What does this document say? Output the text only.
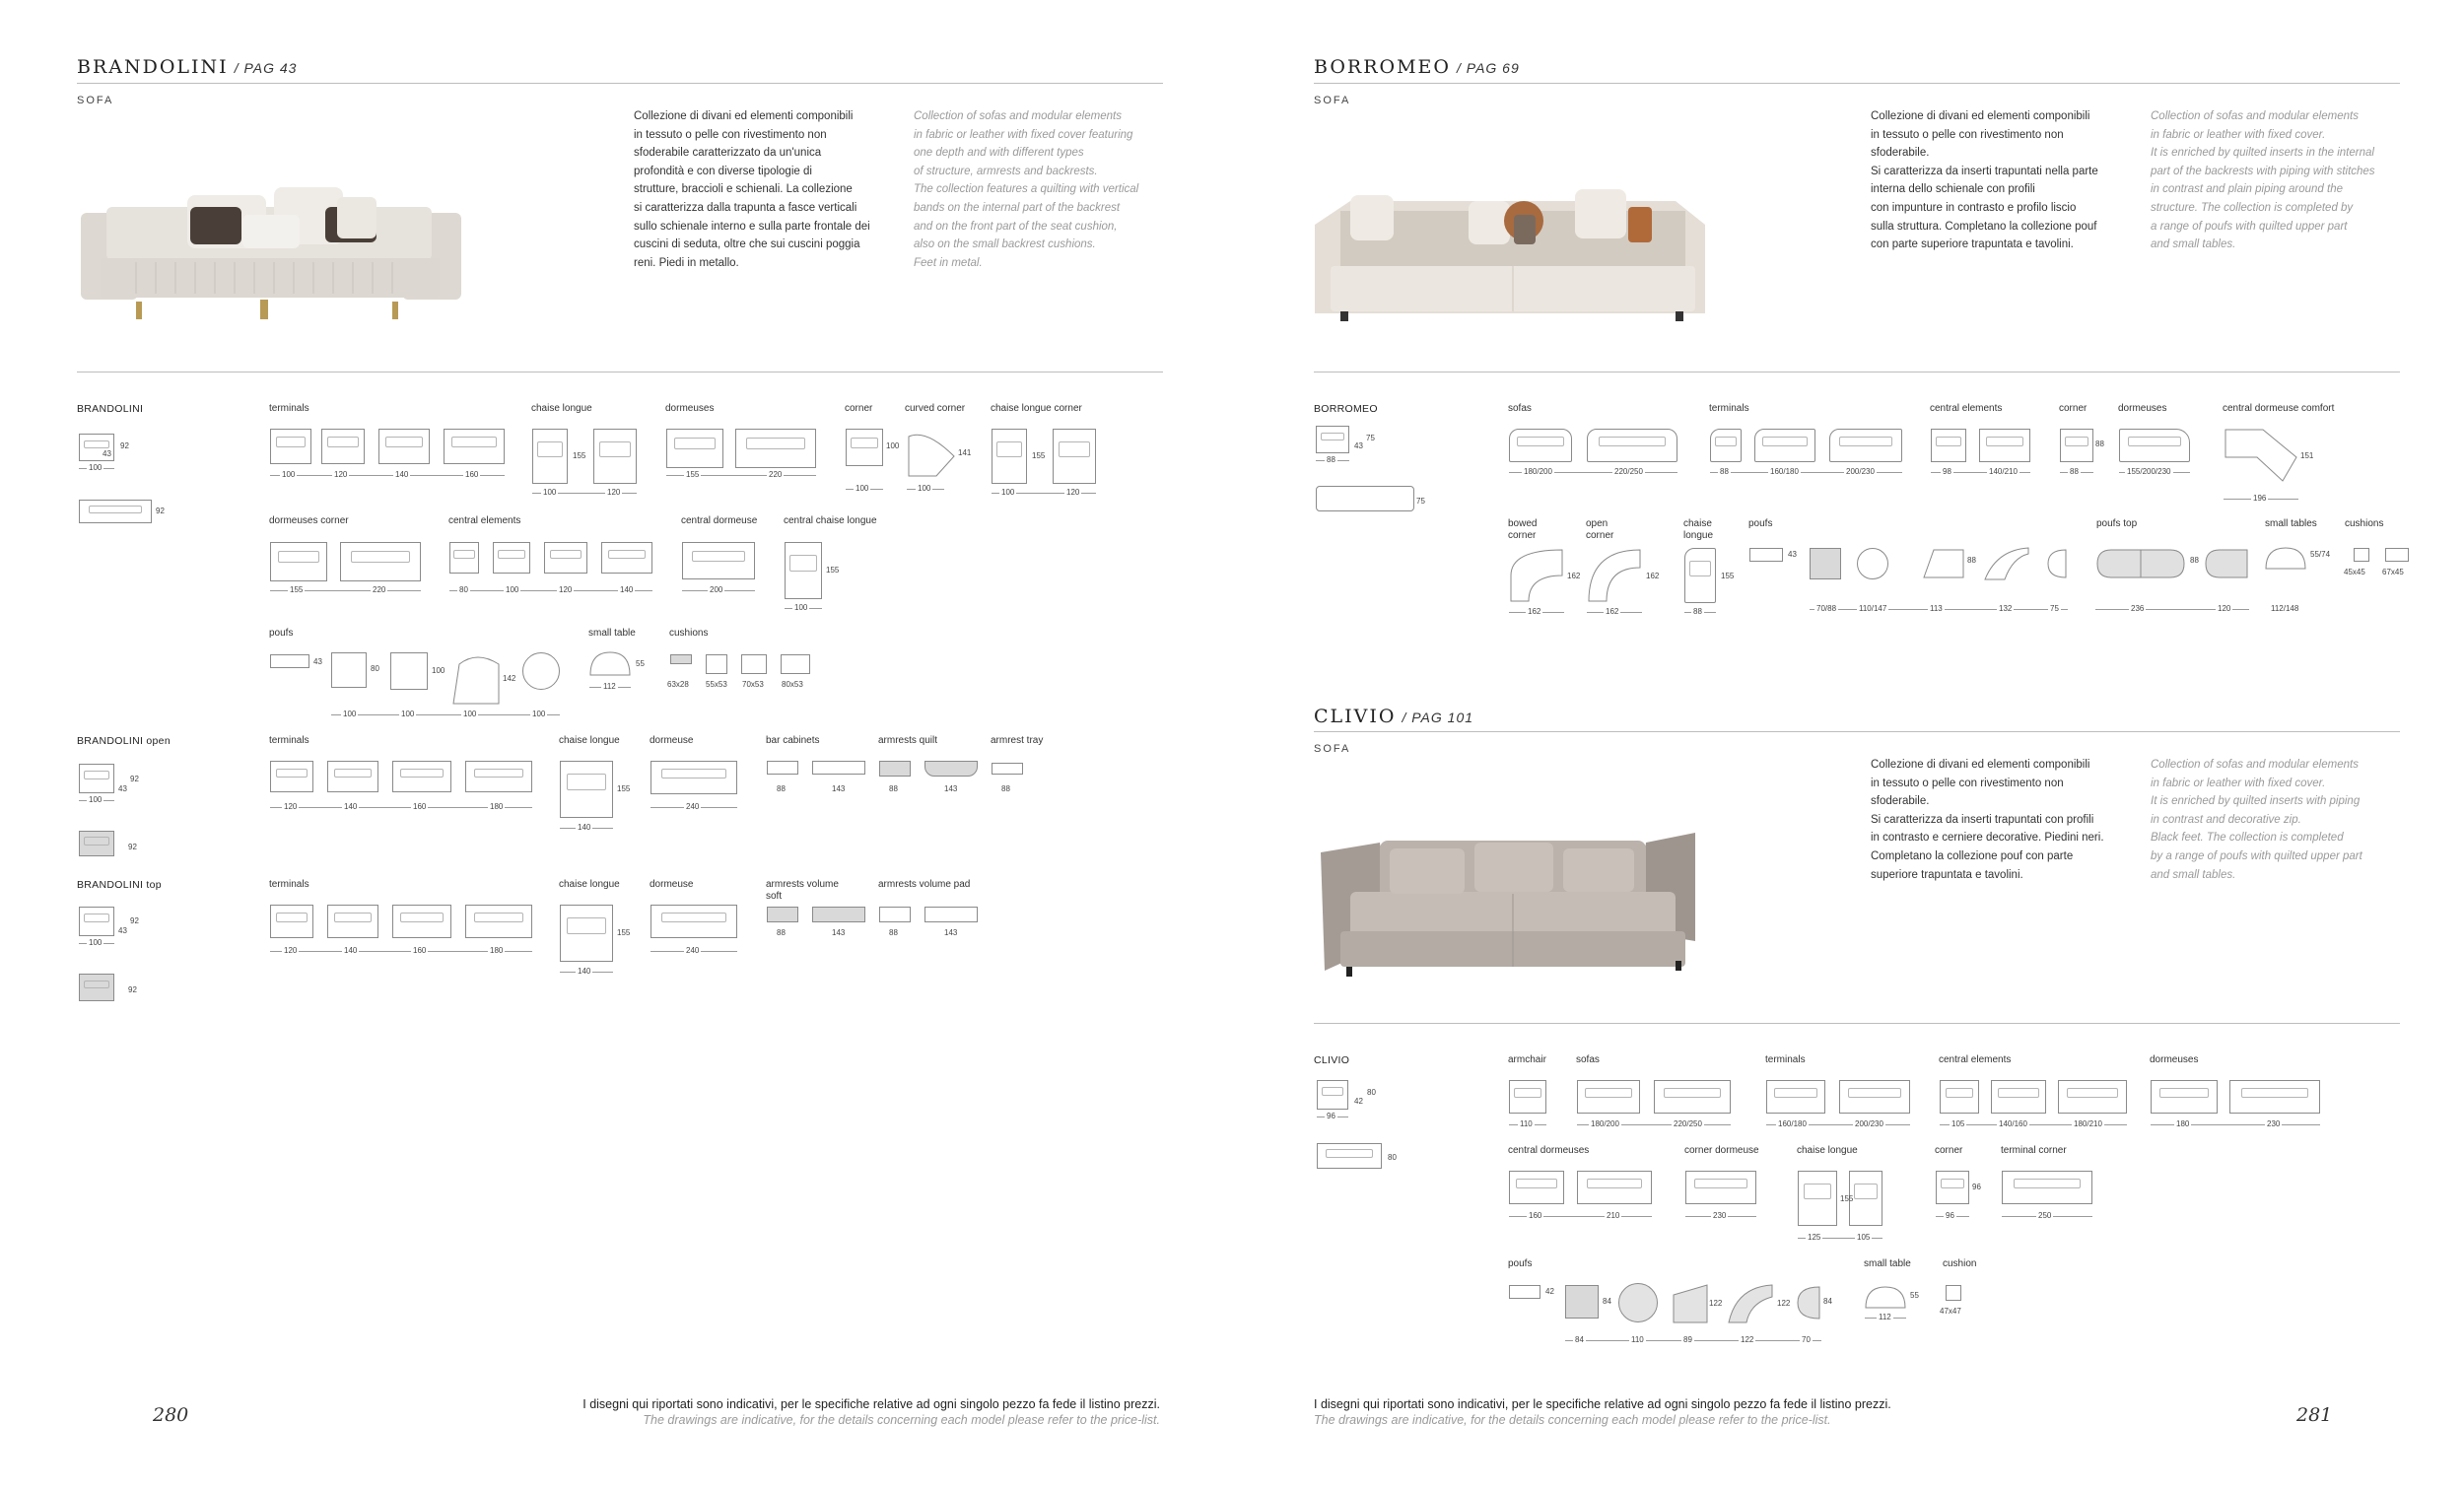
BRANDOLINI / PAG 43
SOFA
Collezione di divani ed elementi componibili
in tessuto o pelle con rivestimento non
sfoderabile caratterizzato da un'unica
profondità e con diverse tipologie di
strutture, braccioli e schienali. La collezione
si caratterizza dalla trapunta a fasce verticali
sullo schienale interno e sulla parte frontale dei
cuscini di seduta, oltre che sui cuscini poggia
reni. Piedi in metallo.
Collection of sofas and modular elements
in fabric or leather with fixed cover featuring
one depth and with different types
of structure, armrests and backrests.
The collection features a quilting with vertical
bands on the internal part of the backrest
and on the front part of the seat cushion,
also on the small backrest cushions.
Feet in metal.
BRANDOLINI
92
43
100
92
terminals
100	120	140	160
chaise longue
155
100	120
dormeuses
155	220
corner
100
100
curved corner
141
100
chaise longue corner
155
100	120
dormeuses corner
155	220
central elements
80	100	120	140
central dormeuse
200
central chaise longue
155
100
poufs
43
80	100
142
100	100	100	100
small table
55
112
cushions
63x28 55x53 70x53 80x53
BRANDOLINI open
92
43
100
92
terminals
120	140	160	180
chaise longue
155
140
dormeuse
240
bar cabinets
88	143
armrests quilt
88	143
armrest tray
88
BRANDOLINI top
92
43
100
92
terminals
120	140	160	180
chaise longue
155
140
dormeuse
240
armrests volume soft
88	143
armrests volume pad
88	143
280	I disegni qui riportati sono indicativi, per le specifiche relative ad ogni singolo pezzo fa fede il listino prezzi.
The drawings are indicative, for the details concerning each model please refer to the price-list.
BORROMEO / PAG 69
SOFA
Collezione di divani ed elementi componibili
in tessuto o pelle con rivestimento non
sfoderabile.
Si caratterizza da inserti trapuntati nella parte
interna dello schienale con profili
con impunture in contrasto e profilo liscio
sulla struttura. Completano la collezione pouf
con parte superiore trapuntata e tavolini.
Collection of sofas and modular elements
in fabric or leather with fixed cover.
It is enriched by quilted inserts in the internal
part of the backrests with piping with stitches
in contrast and plain piping around the
structure. The collection is completed by
a range of poufs with quilted upper part
and small tables.
BORROMEO
75
43
88
75
sofas
180/200	220/250
terminals
88	160/180	200/230
central elements
98	140/210
corner
88
88
dormeuses
155/200/230
central dormeuse comfort
151
196
bowed corner
162
162
open corner
162
162
chaise longue
155
88
poufs
43
88
70/88	110/147	113	132	75
poufs top
88
236	120
small tables
55/74
112/148
cushions
45x45 67x45
CLIVIO / PAG 101
SOFA
Collezione di divani ed elementi componibili
in tessuto o pelle con rivestimento non
sfoderabile.
Si caratterizza da inserti trapuntati con profili
in contrasto e cerniere decorative. Piedini neri.
Completano la collezione pouf con parte
superiore trapuntata e tavolini.
Collection of sofas and modular elements
in fabric or leather with fixed cover.
It is enriched by quilted inserts with piping
in contrast and decorative zip.
Black feet. The collection is completed
by a range of poufs with quilted upper part
and small tables.
CLIVIO
80
42
96
80
armchair
110
sofas
180/200	220/250
terminals
160/180	200/230
central elements
105	140/160	180/210
dormeuses
180	230
central dormeuses
160	210
corner dormeuse
230
chaise longue
155
125	105
corner
96
96
terminal corner
250
poufs
42
84	122	122	84
84	110	89	122	70
small table
55
112
cushion
47x47
I disegni qui riportati sono indicativi, per le specifiche relative ad ogni singolo pezzo fa fede il listino prezzi.
The drawings are indicative, for the details concerning each model please refer to the price-list.	281
